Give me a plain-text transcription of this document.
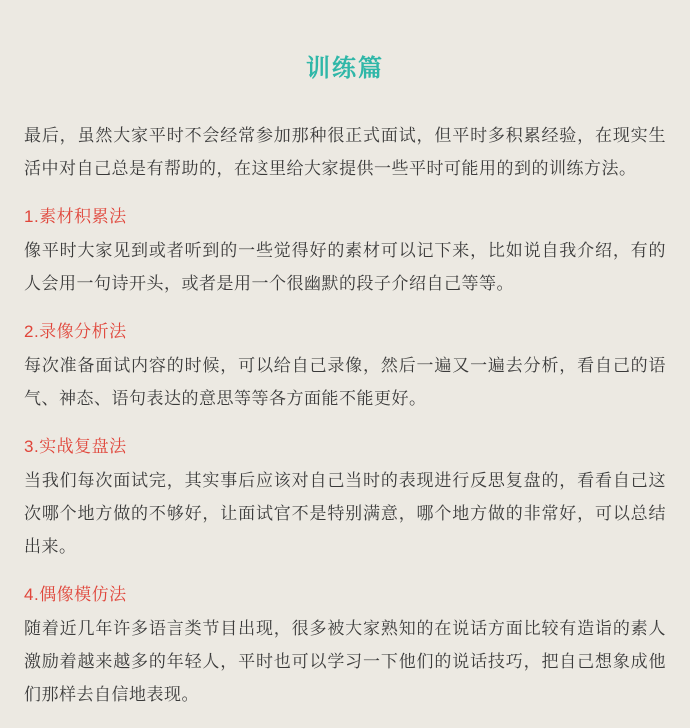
训练篇

最后，虽然大家平时不会经常参加那种很正式面试，但平时多积累经验，在现实生活中对自己总是有帮助的，在这里给大家提供一些平时可能用的到的训练方法。

1.素材积累法

像平时大家见到或者听到的一些觉得好的素材可以记下来，比如说自我介绍，有的人会用一句诗开头，或者是用一个很幽默的段子介绍自己等等。

2.录像分析法

每次准备面试内容的时候，可以给自己录像，然后一遍又一遍去分析，看自己的语气、神态、语句表达的意思等等各方面能不能更好。

3.实战复盘法

当我们每次面试完，其实事后应该对自己当时的表现进行反思复盘的，看看自己这次哪个地方做的不够好，让面试官不是特别满意，哪个地方做的非常好，可以总结出来。

4.偶像模仿法

随着近几年许多语言类节目出现，很多被大家熟知的在说话方面比较有造诣的素人激励着越来越多的年轻人，平时也可以学习一下他们的说话技巧，把自己想象成他们那样去自信地表现。
